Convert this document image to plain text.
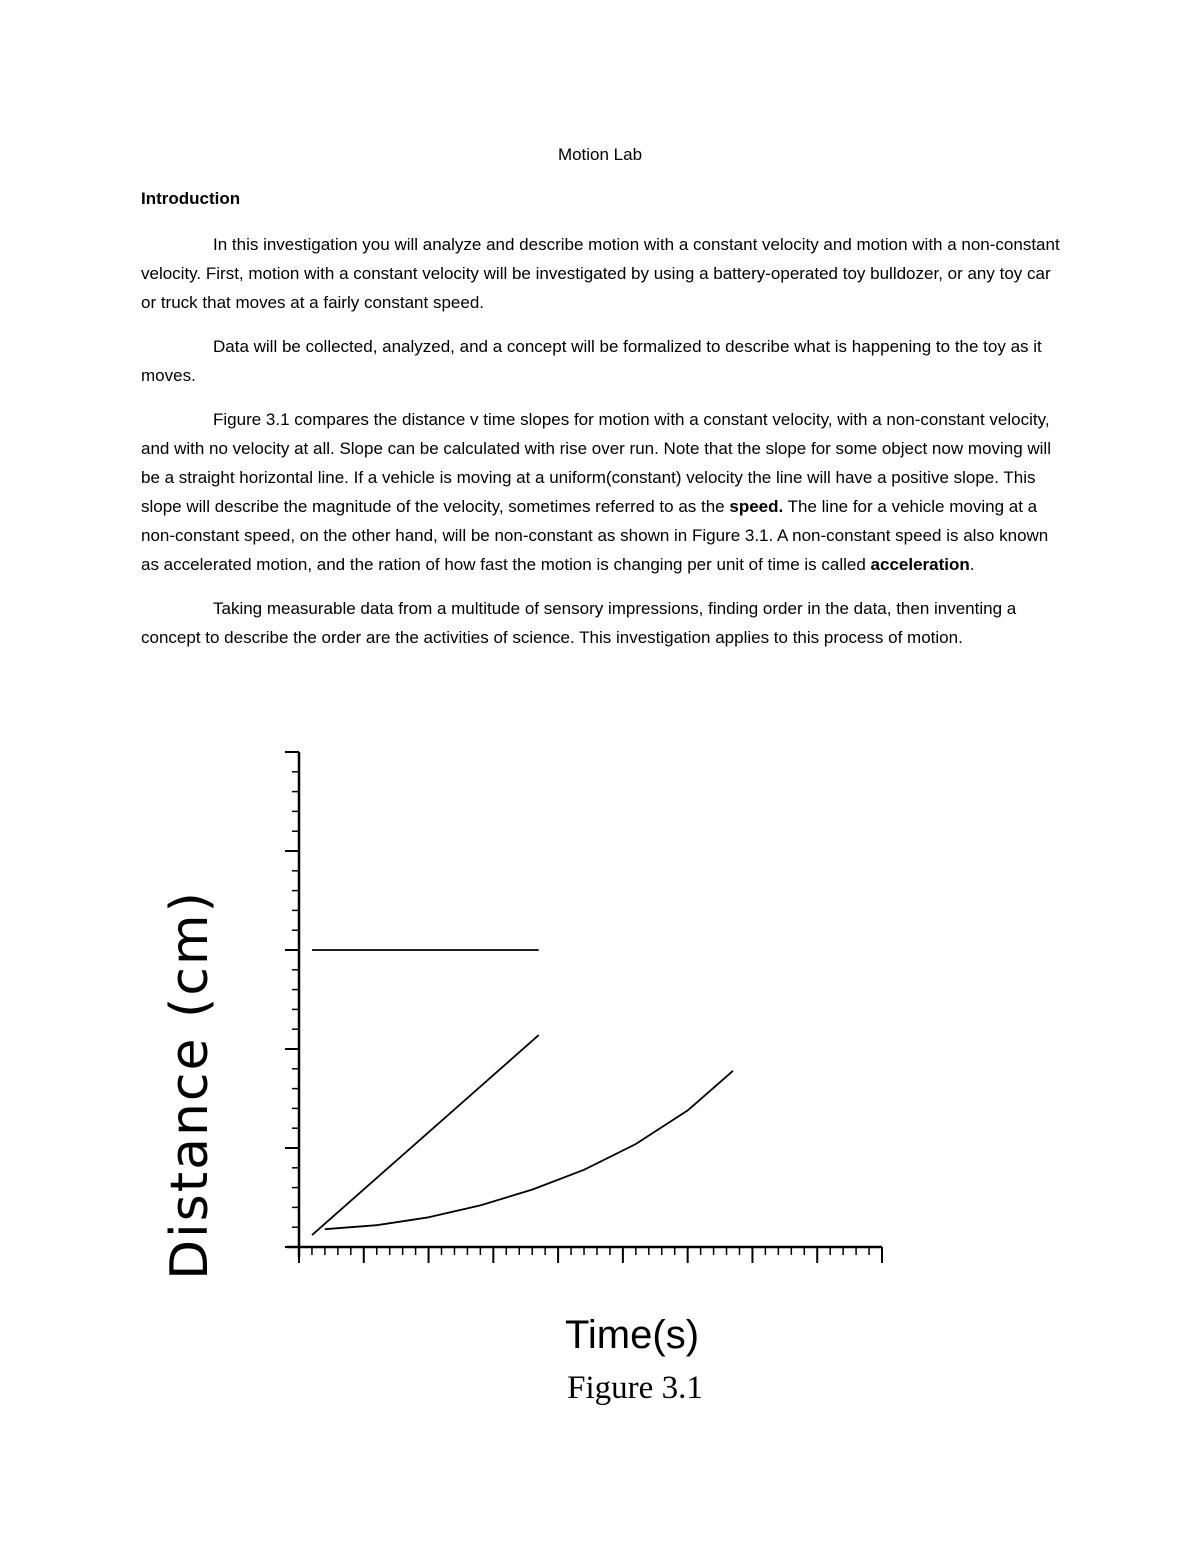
Motion Lab
Introduction

In this investigation you will analyze and describe motion with a constant velocity and motion with a non-constant velocity. First, motion with a constant velocity will be investigated by using a battery-operated toy bulldozer, or any toy car or truck that moves at a fairly constant speed.

Data will be collected, analyzed, and a concept will be formalized to describe what is happening to the toy as it moves.

Figure 3.1 compares the distance v time slopes for motion with a constant velocity, with a non-constant velocity, and with no velocity at all. Slope can be calculated with rise over run. Note that the slope for some object now moving will be a straight horizontal line. If a vehicle is moving at a uniform(constant) velocity the line will have a positive slope. This slope will describe the magnitude of the velocity, sometimes referred to as the speed. The line for a vehicle moving at a non-constant speed, on the other hand, will be non-constant as shown in Figure 3.1. A non-constant speed is also known as accelerated motion, and the ration of how fast the motion is changing per unit of time is called acceleration.

Taking measurable data from a multitude of sensory impressions, finding order in the data, then inventing a concept to describe the order are the activities of science. This investigation applies to this process of motion.

Distance (cm)
Time(s)
Figure 3.1
